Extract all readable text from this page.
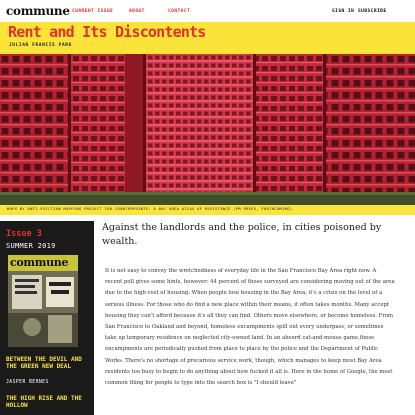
commune CURRENT ISSUE	ABOUT	CONTACT	SIGN IN SUBSCRIBE
Rent and Its Discontents
JULIAN FRANCIS PARK
MAPS BY ANTI-EVICTION MAPPING PROJECT FOR COUNTERPOINTS: A BAY AREA ATLAS OF RESISTANCE (PM PRESS, FORTHCOMING)
Issue 3
SUMMER 2019
commune
BETWEEN THE DEVIL AND THE GREEN NEW DEAL
JASPER BERNES
THE HIGH RISE AND THE HOLLOW
Against the landlords and the police, in cities poisoned by wealth.

It is not easy to convey the wretchedness of everyday life in the San Francisco Bay Area right now. A recent poll gives some hints, however: 44 percent of those surveyed are considering moving out of the area due to the high cost of housing. When people lose housing in the Bay Area, it's a crisis on the level of a serious illness. For those who do find a new place within their means, it often takes months. Many accept housing they can't afford because it's all they can find. Others move elsewhere, or become homeless. From San Francisco to Oakland and beyond, homeless encampments spill out every underpass, or sometimes take up temporary residence on neglected city-owned land. In an absurd cat-and-mouse game,these encampments are periodically pushed from place to place by the police and the Department of Public Works. There's no shortage of precarious service work, though, which manages to keep most Bay Area residents too busy to begin to do anything about how fucked it all is. Here in the home of Google, the most common thing for people to type into the search box is "I should leave"
